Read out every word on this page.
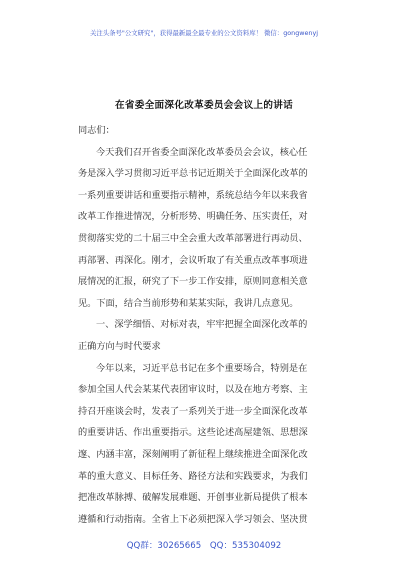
关注头条号"公文研究"，获得最新最全最专业的公文资料库！ 微信：gongwenyj
在省委全面深化改革委员会会议上的讲话
同志们：
今天我们召开省委全面深化改革委员会会议，核心任
务是深入学习贯彻习近平总书记近期关于全面深化改革的
一系列重要讲话和重要指示精神，系统总结今年以来我省
改革工作推进情况，分析形势、明确任务、压实责任，对
贯彻落实党的二十届三中全会重大改革部署进行再动员、
再部署、再深化。刚才，会议听取了有关重点改革事项进
展情况的汇报，研究了下一步工作安排，原则同意相关意
见。下面，结合当前形势和某某实际，我讲几点意见。
一、深学细悟、对标对表，牢牢把握全面深化改革的
正确方向与时代要求
今年以来，习近平总书记在多个重要场合，特别是在
参加全国人代会某某代表团审议时，以及在地方考察、主
持召开座谈会时，发表了一系列关于进一步全面深化改革
的重要讲话、作出重要指示。这些论述高屋建瓴、思想深
邃、内涵丰富，深刻阐明了新征程上继续推进全面深化改
革的重大意义、目标任务、路径方法和实践要求，为我们
把准改革脉搏、破解发展难题、开创事业新局提供了根本
遵循和行动指南。全省上下必须把深入学习领会、坚决贯
QQ群：30265665 QQ：535304092
